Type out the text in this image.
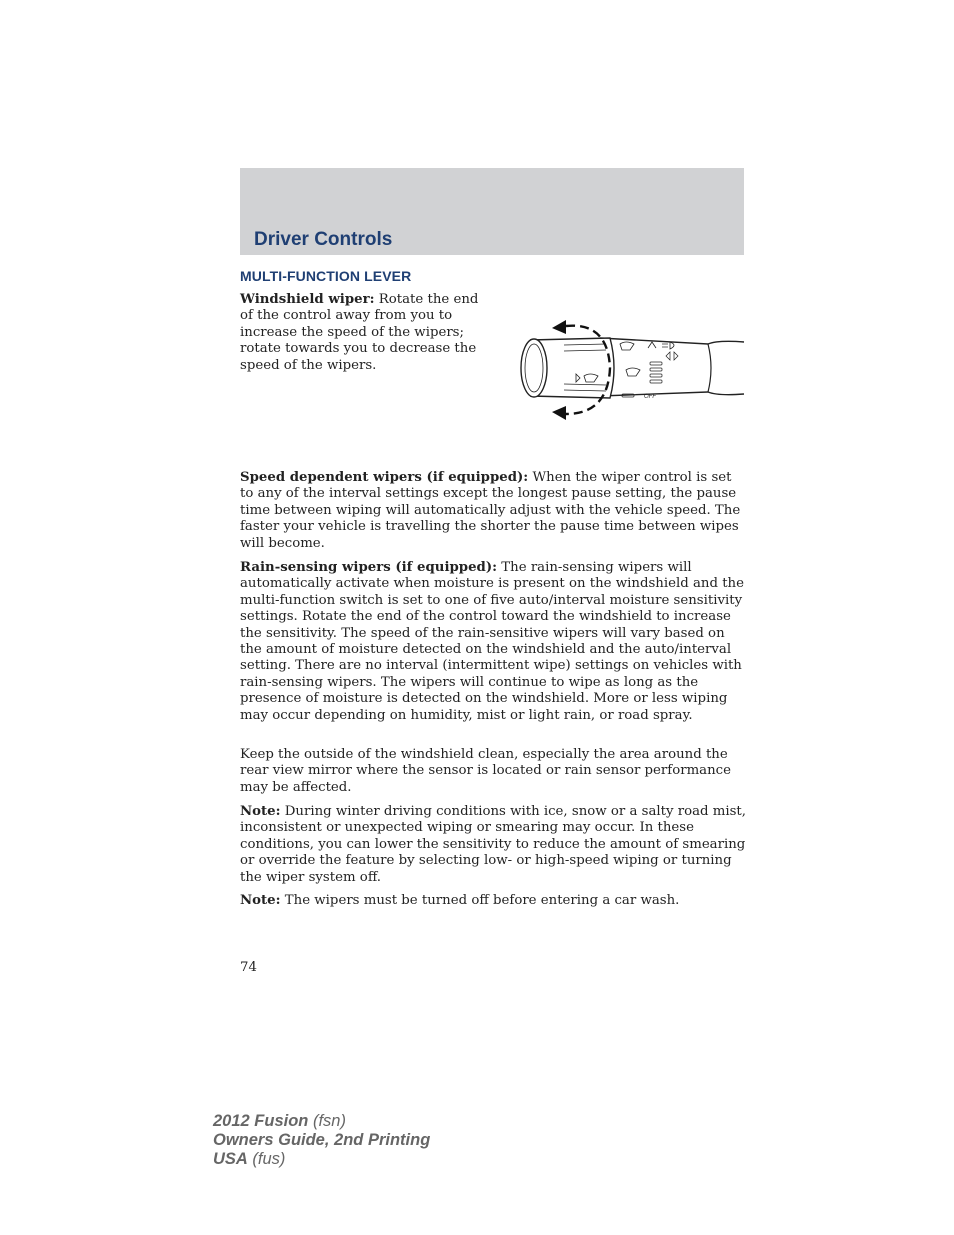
Driver Controls
MULTI-FUNCTION LEVER

Windshield wiper: Rotate the end of the control away from you to increase the speed of the wipers; rotate towards you to decrease the speed of the wipers.

OFF

Speed dependent wipers (if equipped): When the wiper control is set to any of the interval settings except the longest pause setting, the pause time between wiping will automatically adjust with the vehicle speed. The faster your vehicle is travelling the shorter the pause time between wipes will become.

Rain-sensing wipers (if equipped): The rain-sensing wipers will automatically activate when moisture is present on the windshield and the multi-function switch is set to one of five auto/interval moisture sensitivity settings. Rotate the end of the control toward the windshield to increase the sensitivity. The speed of the rain-sensitive wipers will vary based on the amount of moisture detected on the windshield and the auto/interval setting. There are no interval (intermittent wipe) settings on vehicles with rain-sensing wipers. The wipers will continue to wipe as long as the presence of moisture is detected on the windshield. More or less wiping may occur depending on humidity, mist or light rain, or road spray.

Keep the outside of the windshield clean, especially the area around the rear view mirror where the sensor is located or rain sensor performance may be affected.

Note: During winter driving conditions with ice, snow or a salty road mist, inconsistent or unexpected wiping or smearing may occur. In these conditions, you can lower the sensitivity to reduce the amount of smearing or override the feature by selecting low- or high-speed wiping or turning the wiper system off.

Note: The wipers must be turned off before entering a car wash.

74
2012 Fusion (fsn)
Owners Guide, 2nd Printing
USA (fus)
